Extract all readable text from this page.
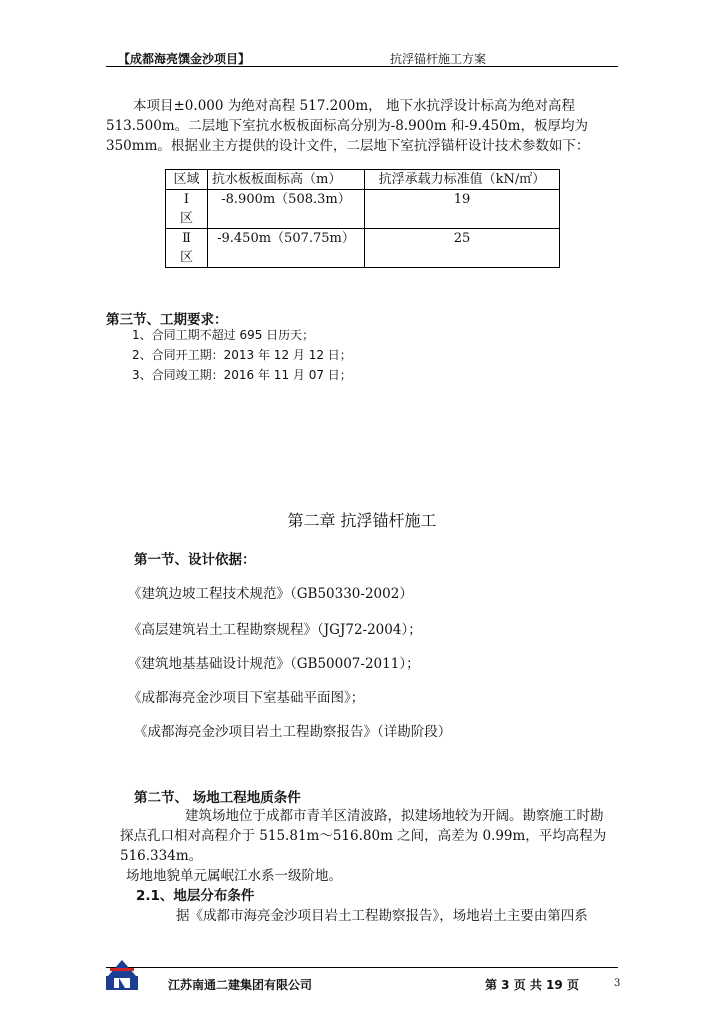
【成都海亮馔金沙项目】	抗浮锚杆施工方案

本项目±0.000 为绝对高程 517.200m， 地下水抗浮设计标高为绝对高程

513.500m。二层地下室抗水板板面标高分别为-8.900m 和-9.450m，板厚均为

350mm。根据业主方提供的设计文件，二层地下室抗浮锚杆设计技术参数如下：

区域	抗水板板面标高（m）	抗浮承载力标准值（kN/㎡）

Ⅰ
区	-8.900m（508.3m）	19

Ⅱ
区	-9.450m（507.75m）	25
第三节、工期要求：
1、合同工期不超过 695 日历天；
2、合同开工期：2013 年 12 月 12 日；
3、合同竣工期：2016 年 11 月 07 日；
第二章 抗浮锚杆施工
第一节、设计依据：
《建筑边坡工程技术规范》（GB50330-2002）
《高层建筑岩土工程勘察规程》（JGJ72-2004）；
《建筑地基基础设计规范》（GB50007-2011）；
《成都海亮金沙项目下室基础平面图》；
《成都海亮金沙项目岩土工程勘察报告》（详勘阶段）
第二节、 场地工程地质条件

建筑场地位于成都市青羊区清波路，拟建场地较为开阔。勘察施工时勘

探点孔口相对高程介于 515.81m～516.80m 之间，高差为 0.99m，平均高程为

516.334m。

场地地貌单元属岷江水系一级阶地。

2.1、地层分布条件
据《成都市海亮金沙项目岩土工程勘察报告》，场地岩土主要由第四系
江苏南通二建集团有限公司	第 3 页 共 19 页	3
